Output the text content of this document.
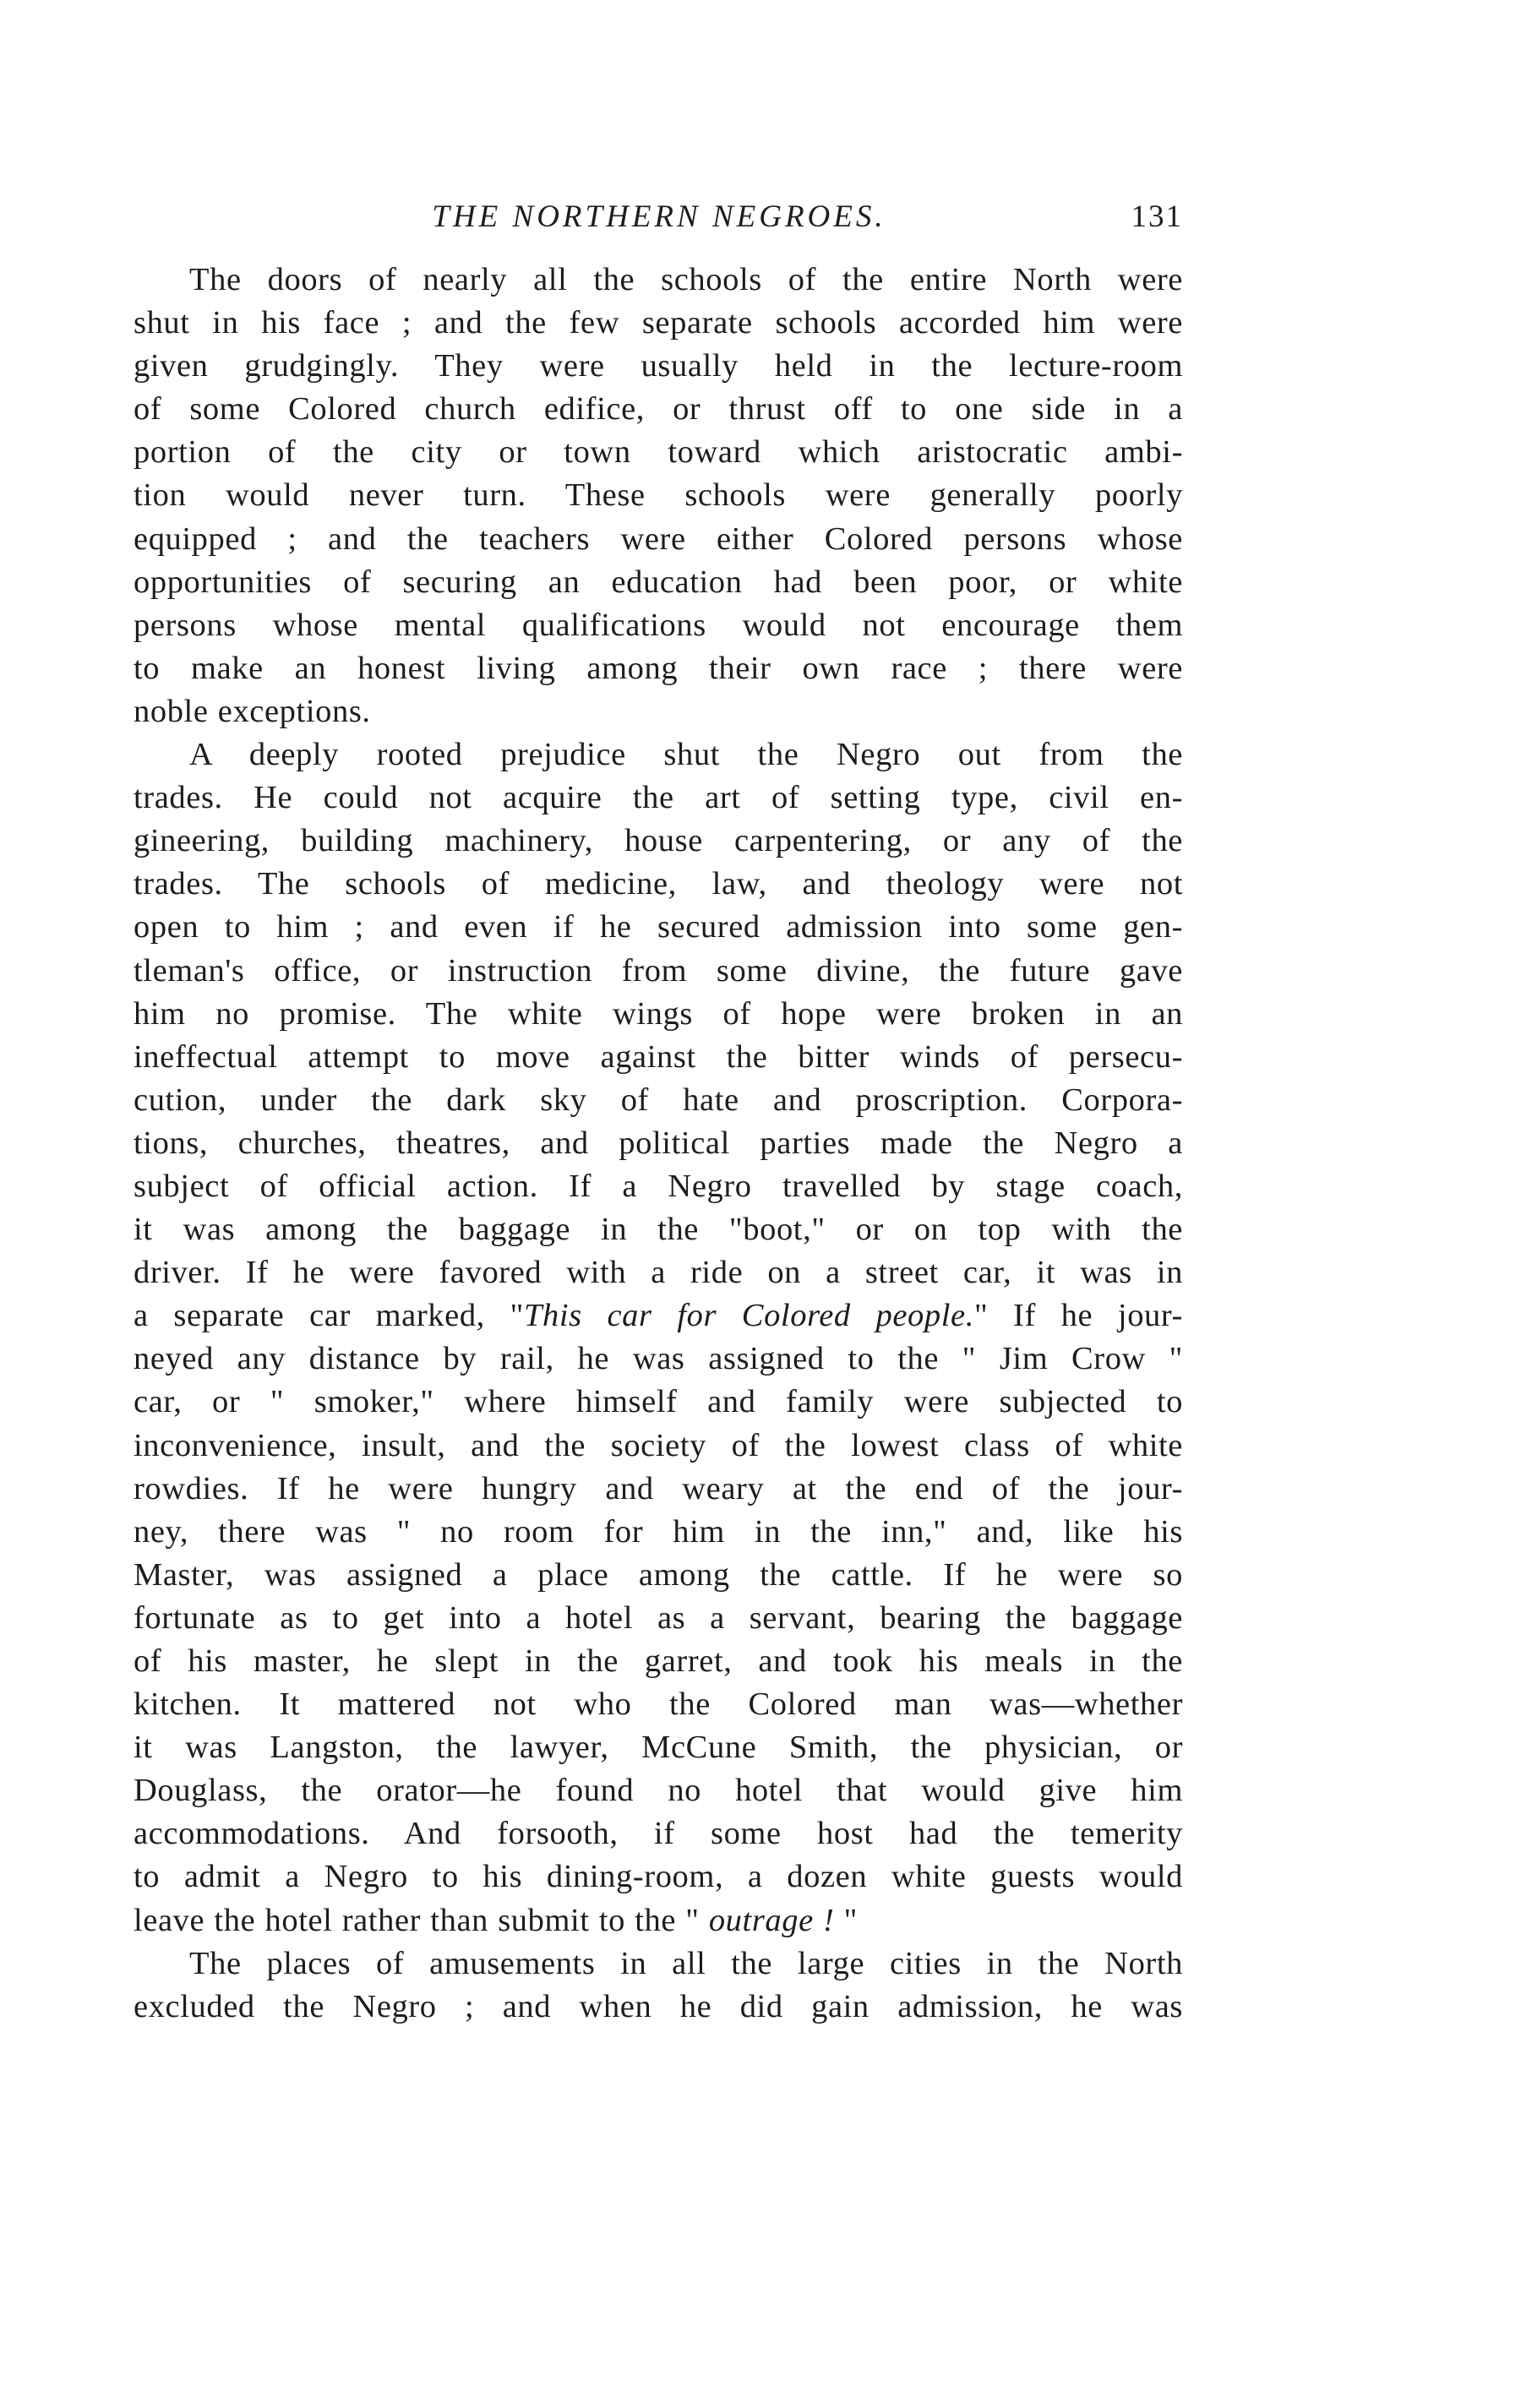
THE NORTHERN NEGROES.	131
The doors of nearly all the schools of the entire North were
shut in his face ; and the few separate schools accorded him were
given grudgingly. They were usually held in the lecture-room
of some Colored church edifice, or thrust off to one side in a
portion of the city or town toward which aristocratic ambi-
tion would never turn. These schools were generally poorly
equipped ; and the teachers were either Colored persons whose
opportunities of securing an education had been poor, or white
persons whose mental qualifications would not encourage them
to make an honest living among their own race ; there were
noble exceptions.
A deeply rooted prejudice shut the Negro out from the
trades. He could not acquire the art of setting type, civil en-
gineering, building machinery, house carpentering, or any of the
trades. The schools of medicine, law, and theology were not
open to him ; and even if he secured admission into some gen-
tleman's office, or instruction from some divine, the future gave
him no promise. The white wings of hope were broken in an
ineffectual attempt to move against the bitter winds of persecu-
cution, under the dark sky of hate and proscription. Corpora-
tions, churches, theatres, and political parties made the Negro a
subject of official action. If a Negro travelled by stage coach,
it was among the baggage in the "boot," or on top with the
driver. If he were favored with a ride on a street car, it was in
a separate car marked, "This car for Colored people." If he jour-
neyed any distance by rail, he was assigned to the " Jim Crow "
car, or " smoker," where himself and family were subjected to
inconvenience, insult, and the society of the lowest class of white
rowdies. If he were hungry and weary at the end of the jour-
ney, there was " no room for him in the inn," and, like his
Master, was assigned a place among the cattle. If he were so
fortunate as to get into a hotel as a servant, bearing the baggage
of his master, he slept in the garret, and took his meals in the
kitchen. It mattered not who the Colored man was—whether
it was Langston, the lawyer, McCune Smith, the physician, or
Douglass, the orator—he found no hotel that would give him
accommodations. And forsooth, if some host had the temerity
to admit a Negro to his dining-room, a dozen white guests would
leave the hotel rather than submit to the " outrage ! "
The places of amusements in all the large cities in the North
excluded the Negro ; and when he did gain admission, he was
